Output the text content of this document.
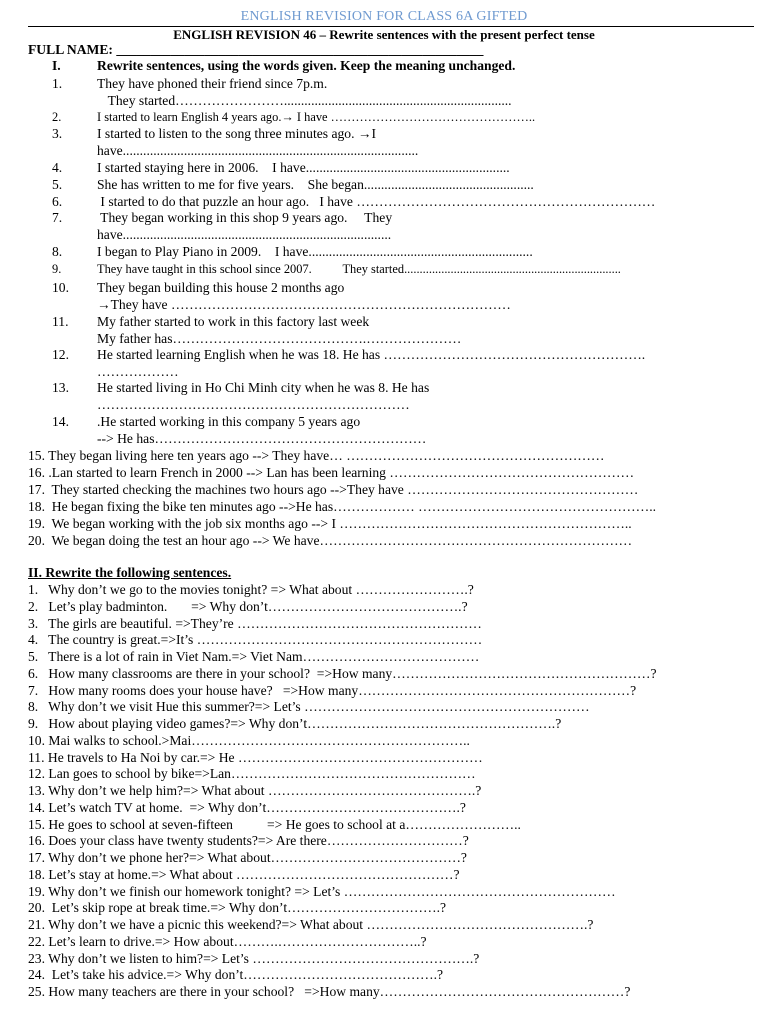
ENGLISH REVISION FOR CLASS 6A GIFTED
ENGLISH REVISION 46 – Rewrite sentences with the present perfect tense
FULL NAME: ______________________________________________________
I.	Rewrite sentences, using the words given. Keep the meaning unchanged.
1.	They have phoned their friend since 7p.m.
They started……………………...................................................................
2.	I started to learn English 4 years ago.→ I have …………………………………………..
3.	I started to listen to the song three minutes ago. →I
have.......................................................................................
4.	I started staying here in 2006.    I have............................................................
5.	She has written to me for five years.    She began..................................................
6.	I started to do that puzzle an hour ago.   I have …………………………………………………………
7.	They began working in this shop 9 years ago.     They
have...............................................................................
8.	I began to Play Piano in 2009.    I have..................................................................
9.	They have taught in this school since 2007.          They started......................................................................
10. They began building this house 2 months ago
→They have …………………………………………………………………
11. My father started to work in this factory last week
My father has…………………………………….…………………
12. He started learning English when he was 18. He has ………………………………………………….
………………
13. He started living in Ho Chi Minh city when he was 8. He has
……………………………………………………………
14. .He started working in this company 5 years ago
--> He has……………………………………………………
15. They began living here ten years ago --> They have… …………………………………………………
16. .Lan started to learn French in 2000 --> Lan has been learning ………………………………………………
17.  They started checking the machines two hours ago -->They have ……………………………………………
18.  He began fixing the bike ten minutes ago -->He has……………… ……………………………………………..
19.  We began working with the job six months ago --> I ………………………………………………………..
20.  We began doing the test an hour ago --> We have……………………………………………………………
II. Rewrite the following sentences.
1.   Why don’t we go to the movies tonight? => What about …………………….?
2.   Let’s play badminton.       => Why don’t…………………………………….?
3.   The girls are beautiful. =>They’re ………………………………………………
4.   The country is great.=>It’s ………………………………………………………
5.   There is a lot of rain in Viet Nam.=> Viet Nam…………………………………
6.   How many classrooms are there in your school?  =>How many…………………………………………………?
7.   How many rooms does your house have?   =>How many……………………………………………………?
8.   Why don’t we visit Hue this summer?=> Let’s ………………………………………………………
9.   How about playing video games?=> Why don’t……………………………………………….?
10. Mai walks to school.>Mai……………………………………………………..
11. He travels to Ha Noi by car.=> He ………………………………………………
12. Lan goes to school by bike=>Lan………………………………………………
13. Why don’t we help him?=> What about ……………………………………….?
14. Let’s watch TV at home.  => Why don’t…………………………………….?
15. He goes to school at seven-fifteen          => He goes to school at a……………………..
16. Does your class have twenty students?=> Are there…………………………?
17. Why don’t we phone her?=> What about……………………………………?
18. Let’s stay at home.=> What about …………………………………………?
19. Why don’t we finish our homework tonight? => Let’s ……………………………………………………
20.  Let’s skip rope at break time.=> Why don’t…………………………….?
21. Why don’t we have a picnic this weekend?=> What about ………………………………………….?
22. Let’s learn to drive.=> How about……….…………………………..?
23. Why don’t we listen to him?=> Let’s ………………………………………….?
24.  Let’s take his advice.=> Why don’t…………………………………….?
25. How many teachers are there in your school?   =>How many………………………………………………?
